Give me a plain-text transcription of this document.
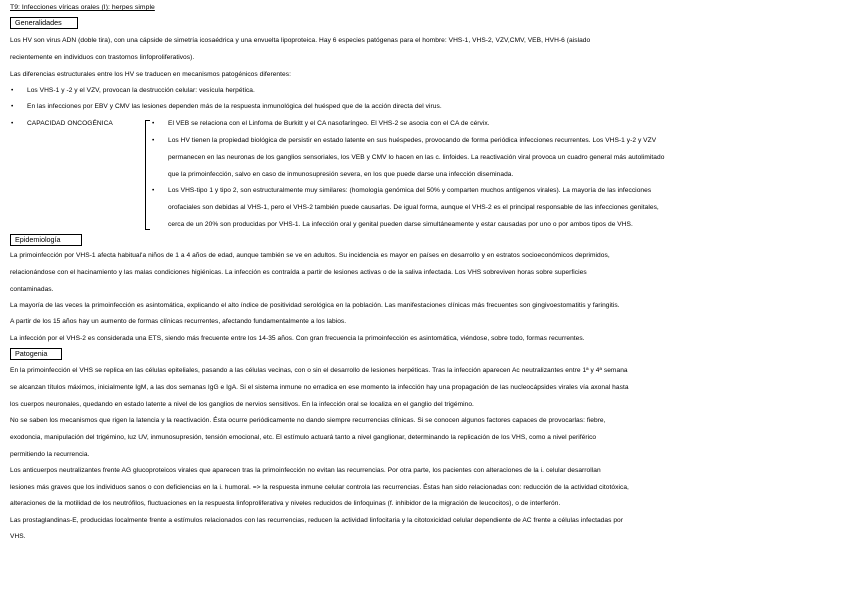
T9: Infecciones víricas orales (I): herpes simple

Generalidades

Los HV son virus ADN (doble tira), con una cápside de simetría icosaédrica y una envuelta lipoproteica. Hay 6 especies patógenas para el hombre: VHS-1, VHS-2, VZV,CMV, VEB, HVH-6 (aislado

recientemente en individuos con trastornos linfoproliferativos).

Las diferencias estructurales entre los HV se traducen en mecanismos patogénicos diferentes:

• Los VHS-1 y -2 y el VZV, provocan la destrucción celular: vesícula herpética.

• En las infecciones por EBV y CMV las lesiones dependen más de la respuesta inmunológica del huésped que de la acción directa del virus.

• CAPACIDAD ONCOGÉNICA	• El VEB se relaciona con el Linfoma de Burkitt y el CA nasofaríngeo. El VHS-2 se asocia con el CA de cérvix.

• Los HV tienen la propiedad biológica de persistir en estado latente en sus huéspedes, provocando de forma periódica infecciones recurrentes. Los VHS-1 y-2 y VZV

permanecen en las neuronas de los ganglios sensoriales, los VEB y CMV lo hacen en las c. linfoides. La reactivación viral provoca un cuadro general más autolimitado

que la primoinfección, salvo en caso de inmunosupresión severa, en los que puede darse una infección diseminada.

• Los VHS-tipo 1 y tipo 2, son estructuralmente muy similares: (homología genómica del 50% y comparten muchos antígenos virales). La mayoría de las infecciones

orofaciales son debidas al VHS-1, pero el VHS-2 también puede causarlas. De igual forma, aunque el VHS-2 es el principal responsable de las infecciones genitales,

cerca de un 20% son producidas por VHS-1. La infección oral y genital pueden darse simultáneamente y estar causadas por uno o por ambos tipos de VHS.

Epidemiología

La primoinfección por VHS-1 afecta habitual'a niños de 1 a 4 años de edad, aunque también se ve en adultos. Su incidencia es mayor en países en desarrollo y en estratos socioeconómicos deprimidos,

relacionándose con el hacinamiento y las malas condiciones higiénicas. La infección es contraída a partir de lesiones activas o de la saliva infectada. Los VHS sobreviven horas sobre superficies

contaminadas.

La mayoría de las veces la primoinfección es asintomática, explicando el alto índice de positividad serológica en la población. Las manifestaciones clínicas más frecuentes son gingivoestomatitis y faringitis.

A partir de los 15 años hay un aumento de formas clínicas recurrentes, afectando fundamentalmente a los labios.

La infección por el VHS-2 es considerada una ETS, siendo más frecuente entre los 14-35 años. Con gran frecuencia la primoinfección es asintomática, viéndose, sobre todo, formas recurrentes.

Patogenia

En la primoinfección el VHS se replica en las células epiteliales, pasando a las células vecinas, con o sin el desarrollo de lesiones herpéticas. Tras la infección aparecen Ac neutralizantes entre 1ª y 4ª semana

se alcanzan títulos máximos, inicialmente IgM, a las dos semanas IgG e IgA. Si el sistema inmune no erradica en ese momento la infección hay una propagación de las nucleocápsides virales vía axonal hasta

los cuerpos neuronales, quedando en estado latente a nivel de los ganglios de nervios sensitivos. En la infección oral se localiza en el ganglio del trigémino.

No se saben los mecanismos que rigen la latencia y la reactivación. Ésta ocurre periódicamente no dando siempre recurrencias clínicas. Si se conocen algunos factores capaces de provocarlas: fiebre,

exodoncia, manipulación del trigémino, luz UV, inmunosupresión, tensión emocional, etc. El estímulo actuará tanto a nivel ganglionar, determinando la replicación de los VHS, como a nivel periférico

permitiendo la recurrencia.

Los anticuerpos neutralizantes frente AG glucoproteicos virales que aparecen tras la primoinfección no evitan las recurrencias. Por otra parte, los pacientes con alteraciones de la i. celular desarrollan

lesiones más graves que los individuos sanos o con deficiencias en la i. humoral. => la respuesta inmune celular controla las recurrencias. Éstas han sido relacionadas con: reducción de la actividad citotóxica,

alteraciones de la motilidad de los neutrófilos, fluctuaciones en la respuesta linfoproliferativa y niveles reducidos de linfoquinas (f. inhibidor de la migración de leucocitos), o de interferón.

Las prostaglandinas-E, producidas localmente frente a estímulos relacionados con las recurrencias, reducen la actividad linfocitaria y la citotoxicidad celular dependiente de AC frente a células infectadas por

VHS.
